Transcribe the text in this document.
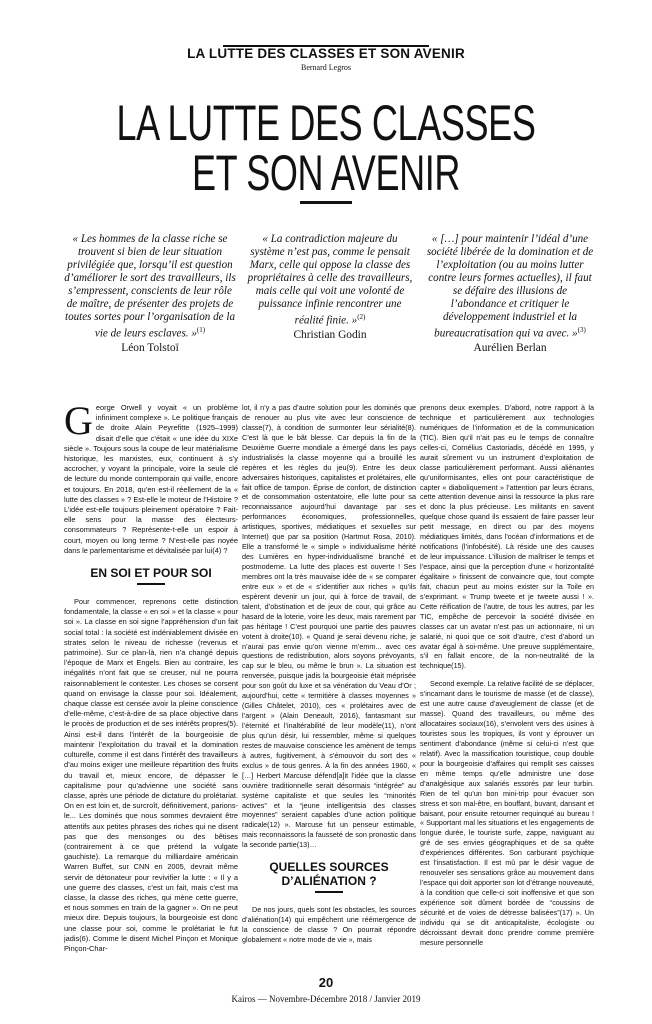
LA LUTTE DES CLASSES ET SON AVENIR
Bernard Legros
LA LUTTE DES CLASSES
ET SON AVENIR
« Les hommes de la classe riche se trouvent si bien de leur situation privilégiée que, lorsqu’il est question d’améliorer le sort des travailleurs, ils s’empressent, conscients de leur rôle de maître, de présenter des projets de toutes sortes pour l’organisation de la vie de leurs esclaves. »$^{(1)}$
Léon Tolstoï
« La contradiction majeure du système n’est pas, comme le pensait Marx, celle qui oppose la classe des propriétaires à celle des travailleurs, mais celle qui voit une volonté de puissance infinie rencontrer une réalité finie. »$^{(2)}$
Christian Godin
« […] pour maintenir l’idéal d’une société libérée de la domination et de l’exploitation (ou au moins lutter contre leurs formes actuelles), il faut se défaire des illusions de l’abondance et critiquer le développement industriel et la bureaucratisation qui va avec. »$^{(3)}$
Aurélien Berlan

George Orwell y voyait « un problème infiniment complexe ». Le politique français de droite Alain Peyrefitte (1925–1999) disait d’elle que c’était « une idée du XIXe siècle ». Toujours sous la coupe de leur matérialisme historique, les marxistes, eux, continuent à s’y accrocher, y voyant la principale, voire la seule clé de lecture du monde contemporain qui vaille, encore et toujours. En 2018, qu’en est-il réellement de la « lutte des classes » ? Est-elle le moteur de l’Histoire ? L’idée est-elle toujours pleinement opératoire ? Fait-elle sens pour la masse des électeurs-consommateurs ? Représente-t-elle un espoir à court, moyen ou long terme ? N’est-elle pas noyée dans le parlementarisme et dévitalisée par lui(4) ?

EN SOI ET POUR SOI

Pour commencer, reprenons cette distinction fondamentale, la classe « en soi » et la classe « pour soi ». La classe en soi signe l’appréhension d’un fait social total : la société est indéniablement divisée en strates selon le niveau de richesse (revenus et patrimoine). Sur ce plan-là, rien n’a changé depuis l’époque de Marx et Engels. Bien au contraire, les inégalités n’ont fait que se creuser, nul ne pourra raisonnablement le contester. Les choses se corsent quand on envisage la classe pour soi. Idéalement, chaque classe est censée avoir la pleine conscience d’elle-même, c’est-à-dire de sa place objective dans le procès de production et de ses intérêts propres(5). Ainsi est-il dans l’intérêt de la bourgeoisie de maintenir l’exploitation du travail et la domination culturelle, comme il est dans l’intérêt des travailleurs d’au moins exiger une meilleure répartition des fruits du travail et, mieux encore, de dépasser le capitalisme pour qu’advienne une société sans classe, après une période de dictature du prolétariat. On en est loin et, de surcroît, définitivement, parions-le... Les dominés que nous sommes devraient être attentifs aux petites phrases des riches qui ne disent pas que des mensonges ou des bêtises (contrairement à ce que prétend la vulgate gauchiste). La remarque du milliardaire américain Warren Buffet, sur CNN en 2005, devrait même servir de détonateur pour revivifier la lutte : « Il y a une guerre des classes, c’est un fait, mais c’est ma classe, la classe des riches, qui mène cette guerre, et nous sommes en train de la gagner ». On ne peut mieux dire. Depuis toujours, la bourgeoisie est donc une classe pour soi, comme le prolétariat le fut jadis(6). Comme le disent Michel Pinçon et Monique Pinçon-Char-

lot, il n’y a pas d’autre solution pour les dominés que de renouer au plus vite avec leur conscience de classe(7), à condition de surmonter leur sérialité(8). C’est là que le bât blesse. Car depuis la fin de la Deuxième Guerre mondiale a émergé dans les pays industrialisés la classe moyenne qui a brouillé les repères et les règles du jeu(9). Entre les deux adversaires historiques, capitalistes et prolétaires, elle fait office de tampon. Éprise de confort, de distinction et de consommation ostentatoire, elle lutte pour sa reconnaissance aujourd’hui davantage par ses performances économiques, professionnelles, artistiques, sportives, médiatiques et sexuelles sur Internet) que par sa position (Hartmut Rosa, 2010). Elle a transformé le « simple » individualisme hérité des Lumières en hyper-individualisme branché et postmoderne. La lutte des places est ouverte ! Ses membres ont la très mauvaise idée de « se comparer entre eux » et de « s’identifier aux riches » qu’ils espèrent devenir un jour, qui à force de travail, de talent, d’obstination et de jeux de cour, qui grâce au hasard de la loterie, voire les deux, mais rarement par pas héritage ! C’est pourquoi une partie des pauvres votent à droite(10). « Quand je serai devenu riche, je n’aurai pas envie qu’on vienne m’emm... avec ces questions de redistribution, alors soyons prévoyants, cap sur le bleu, ou même le brun ». La situation est renversée, puisque jadis la bourgeoisie était méprisée pour son goût du luxe et sa vénération du Veau d’Or ; aujourd’hui, cette « termitière à classes moyennes » (Gilles Châtelet, 2010), ces « prolétaires avec de l’argent » (Alain Deneault, 2016), fantasmant sur l’éternité et l’inaltérabilité de leur modèle(11), n’ont plus qu’un désir, lui ressembler, même si quelques restes de mauvaise conscience les amènent de temps à autres, fugitivement, à s’émouvoir du sort des « exclus » de tous genres. À la fin des années 1960, « […] Herbert Marcuse défend[a]it l’idée que la classe ouvrière traditionnelle serait désormais “intégrée” au système capitaliste et que seules les “minorités actives” et la “jeune intelligentsia des classes moyennes” seraient capables d’une action politique radicale(12) ». Marcuse fut un penseur estimable, mais reconnaissons la fausseté de son pronostic dans la seconde partie(13)…

QUELLES SOURCES
D’ALIÉNATION ?

De nos jours, quels sont les obstacles, les sources d’aliénation(14) qui empêchent une réémergence de la conscience de classe ? On pourrait répondre globalement « notre mode de vie », mais

prenons deux exemples. D’abord, notre rapport à la technique et particulièrement aux technologies numériques de l’information et de la communication (TIC). Bien qu’il n’ait pas eu le temps de connaître celles-ci, Cornélius Castoriadis, décédé en 1995, y aurait sûrement vu un instrument d’exploitation de classe particulièrement performant. Aussi aliénantes qu’uniformisantes, elles ont pour caractéristique de capter « diaboliquement » l’attention par leurs écrans, cette attention devenue ainsi la ressource la plus rare et donc la plus précieuse. Les militants en savent quelque chose quand ils essaient de faire passer leur petit message, en direct ou par des moyens médiatiques limités, dans l’océan d’informations et de notifications (l’infobésité). Là réside une des causes de leur impuissance. L’illusion de maîtriser le temps et l’espace, ainsi que la perception d’une « horizontalité égalitaire » finissent de convaincre que, tout compte fait, chacun peut au moins exister sur la Toile en s’exprimant. « Trump tweete et je tweete aussi ! ». Cette réification de l’autre, de tous les autres, par les TIC, empêche de percevoir la société divisée en classes car un avatar n’est pas un actionnaire, ni un salarié, ni quoi que ce soit d’autre, c’est d’abord un avatar égal à soi-même. Une preuve supplémentaire, s’il en fallait encore, de la non-neutralité de la technique(15).

Second exemple. La relative facilité de se déplacer, s’incarnant dans le tourisme de masse (et de classe), est une autre cause d’aveuglement de classe (et de masse). Quand des travailleurs, ou même des allocataires sociaux(16), s’envolent vers des usines à touristes sous les tropiques, ils vont y éprouver un sentiment d’abondance (même si celui-ci n’est que relatif). Avec la massification touristique, coup double pour la bourgeoisie d’affaires qui remplit ses caisses en même temps qu’elle administre une dose d’analgésique aux salariés essorés par leur turbin. Rien de tel qu’un bon mini-trip pour évacuer son stress et son mal-être, en bouffant, buvant, dansant et baisant, pour ensuite retourner requinqué au bureau ! « Supportant mal les situations et les engagements de longue durée, le touriste surfe, zappe, naviguant au gré de ses envies géographiques et de sa quête d’expériences différentes. Son carburant psychique est l’insatisfaction. Il est mû par le désir vague de renouveler ses sensations grâce au mouvement dans l’espace qui doit apporter son lot d’étrange nouveauté, à la condition que celle-ci soit inoffensive et que son expérience soit dûment bordée de “coussins de sécurité et de voies de détresse balisées”(17) ». Un individu qui se dit anticapitaliste, écologiste ou décroissant devrait donc prendre comme première mesure personnelle

20
Kairos — Novembre-Décembre 2018 / Janvier 2019
